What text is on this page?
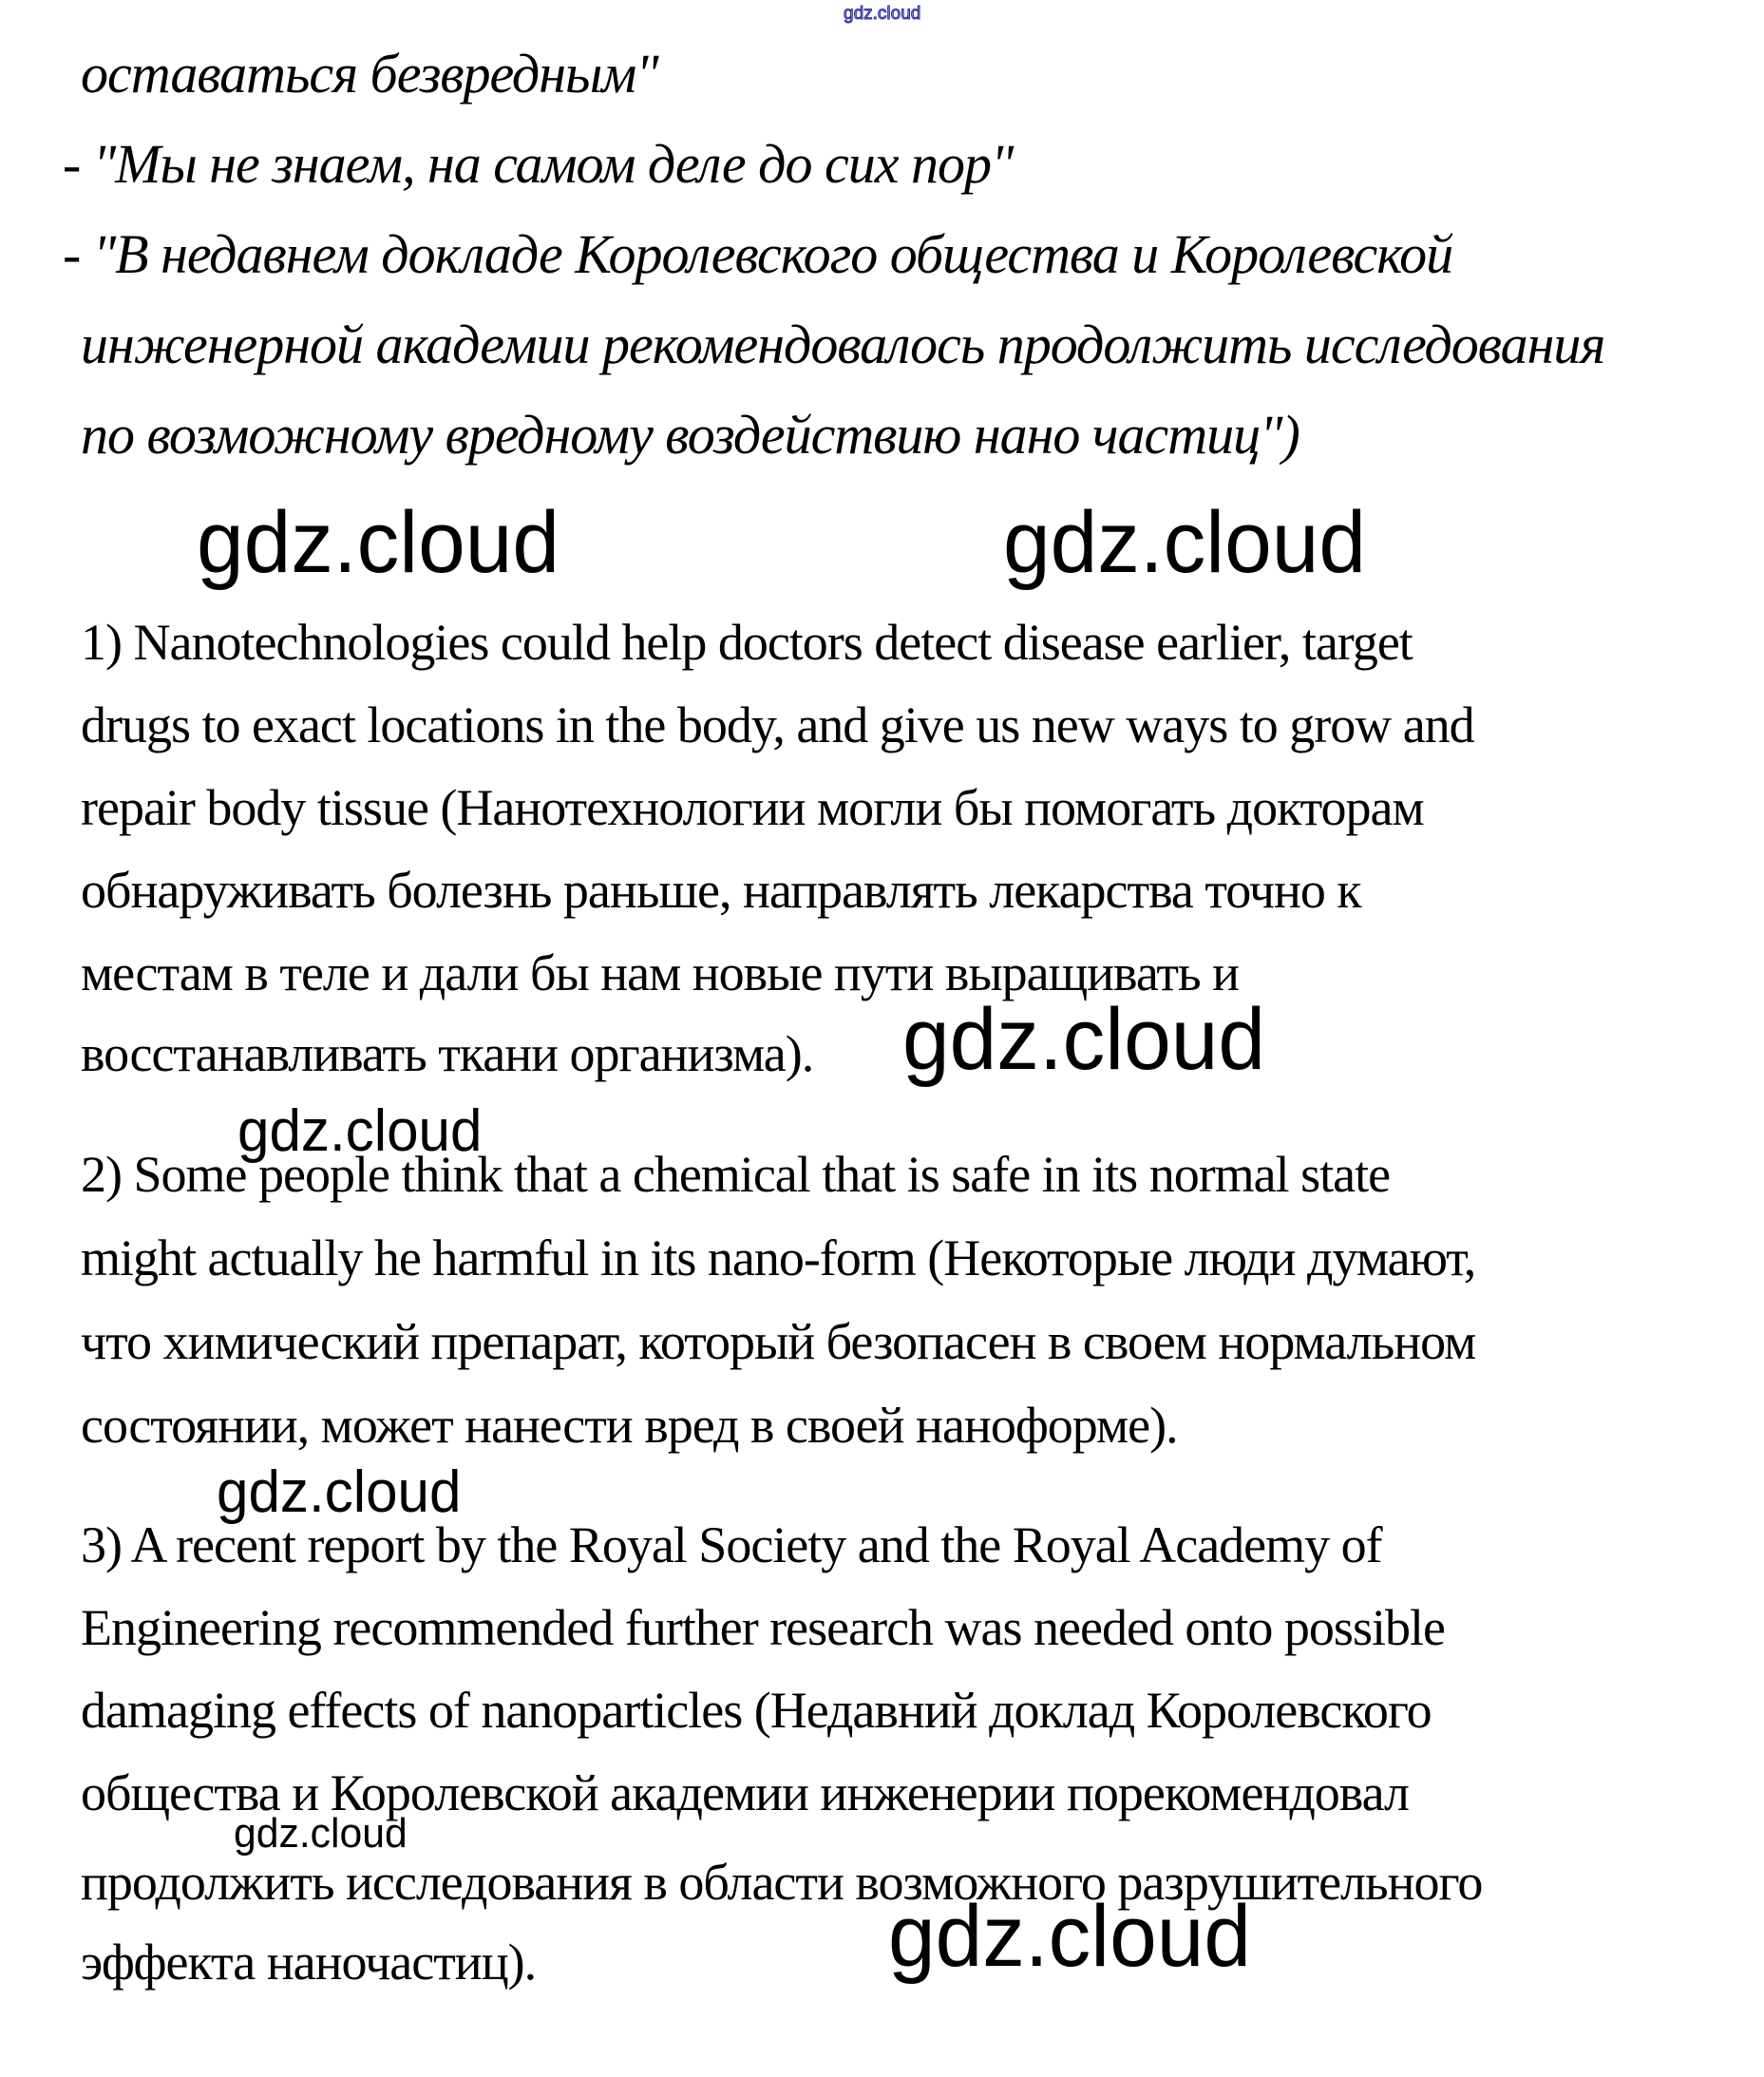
gdz.cloud
оставаться безвредным"
- "Мы не знаем, на самом деле до сих пор"
- "В недавнем докладе Королевского общества и Королевской
инженерной академии рекомендовалось продолжить исследования
по возможному вредному воздействию нано частиц")
gdz.cloud	gdz.cloud
1) Nanotechnologies could help doctors detect disease earlier, target
drugs to exact locations in the body, and give us new ways to grow and
repair body tissue (Нанотехнологии могли бы помогать докторам
обнаруживать болезнь раньше, направлять лекарства точно к
местам в теле и дали бы нам новые пути выращивать и
восстанавливать ткани организма). gdz.cloud
gdz.cloud
2) Some people think that a chemical that is safe in its normal state
might actually he harmful in its nano-form (Некоторые люди думают,
что химический препарат, который безопасен в своем нормальном
состоянии, может нанести вред в своей наноформе).
gdz.cloud
3) A recent report by the Royal Society and the Royal Academy of
Engineering recommended further research was needed onto possible
damaging effects of nanoparticles (Недавний доклад Королевского
общества и Королевской академии инженерии порекомендовал
gdz.cloud
продолжить исследования в области возможного разрушительного
эффекта наночастиц).	gdz.cloud
